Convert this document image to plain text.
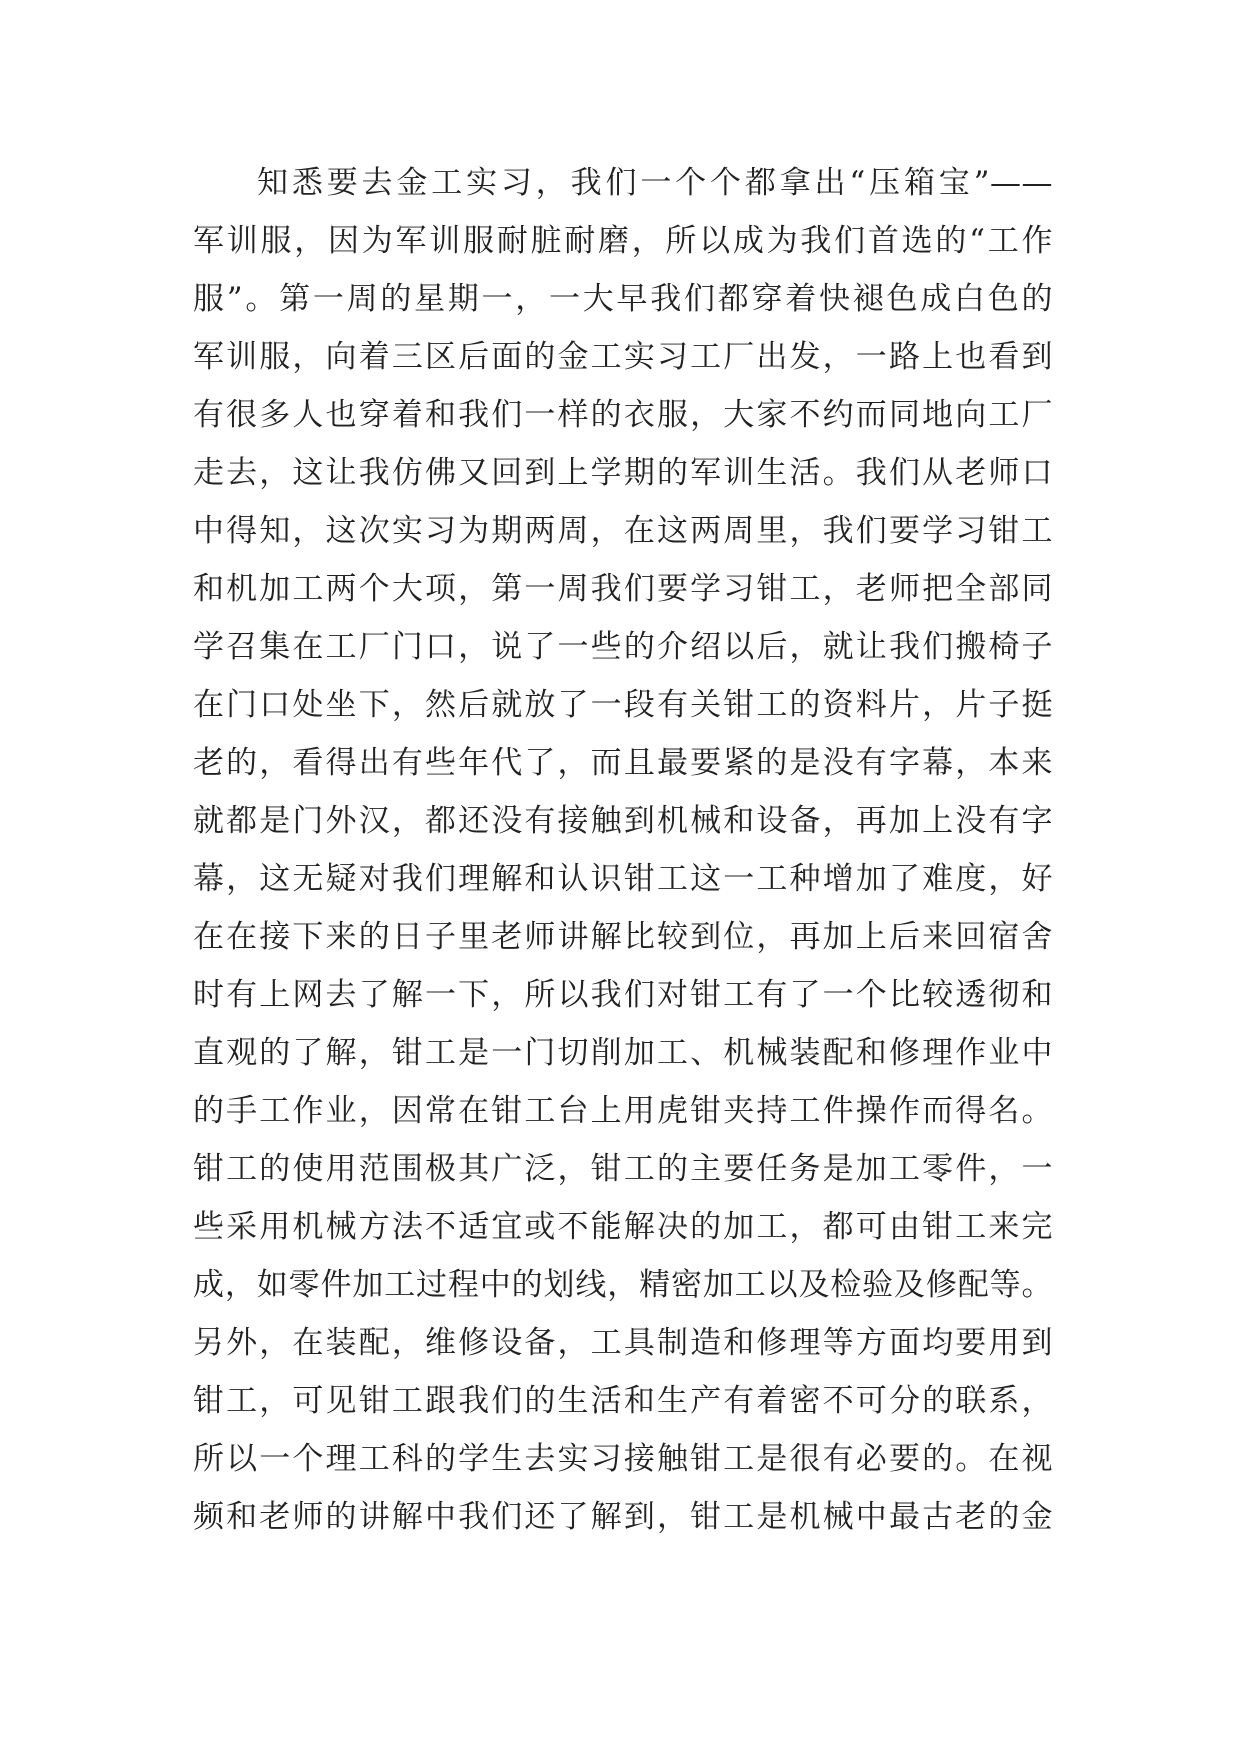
知悉要去金工实习，我们一个个都拿出“压箱宝”——
军训服，因为军训服耐脏耐磨，所以成为我们首选的“工作
服”。第一周的星期一，一大早我们都穿着快褪色成白色的
军训服，向着三区后面的金工实习工厂出发，一路上也看到
有很多人也穿着和我们一样的衣服，大家不约而同地向工厂
走去，这让我仿佛又回到上学期的军训生活。我们从老师口
中得知，这次实习为期两周，在这两周里，我们要学习钳工
和机加工两个大项，第一周我们要学习钳工，老师把全部同
学召集在工厂门口，说了一些的介绍以后，就让我们搬椅子
在门口处坐下，然后就放了一段有关钳工的资料片，片子挺
老的，看得出有些年代了，而且最要紧的是没有字幕，本来
就都是门外汉，都还没有接触到机械和设备，再加上没有字
幕，这无疑对我们理解和认识钳工这一工种增加了难度，好
在在接下来的日子里老师讲解比较到位，再加上后来回宿舍
时有上网去了解一下，所以我们对钳工有了一个比较透彻和
直观的了解，钳工是一门切削加工、机械装配和修理作业中
的手工作业，因常在钳工台上用虎钳夹持工件操作而得名。
钳工的使用范围极其广泛，钳工的主要任务是加工零件，一
些采用机械方法不适宜或不能解决的加工，都可由钳工来完
成，如零件加工过程中的划线，精密加工以及检验及修配等。
另外，在装配，维修设备，工具制造和修理等方面均要用到
钳工，可见钳工跟我们的生活和生产有着密不可分的联系，
所以一个理工科的学生去实习接触钳工是很有必要的。在视
频和老师的讲解中我们还了解到，钳工是机械中最古老的金
